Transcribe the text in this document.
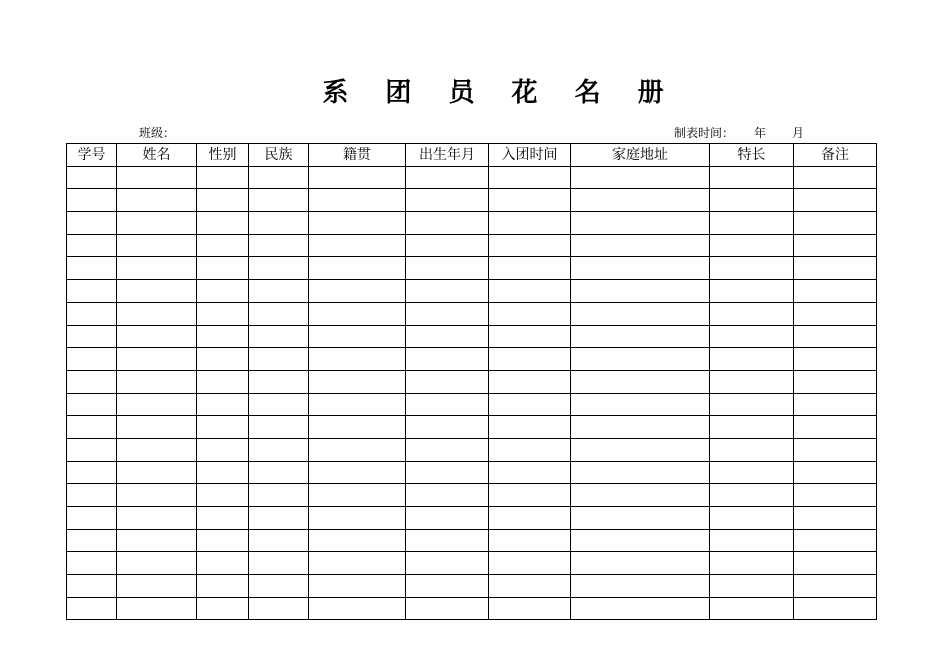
系 团 员 花 名 册
班级：	制表时间： 年 月
学号	姓名	性别	民族	籍贯	出生年月	入团时间	家庭地址	特长	备注
